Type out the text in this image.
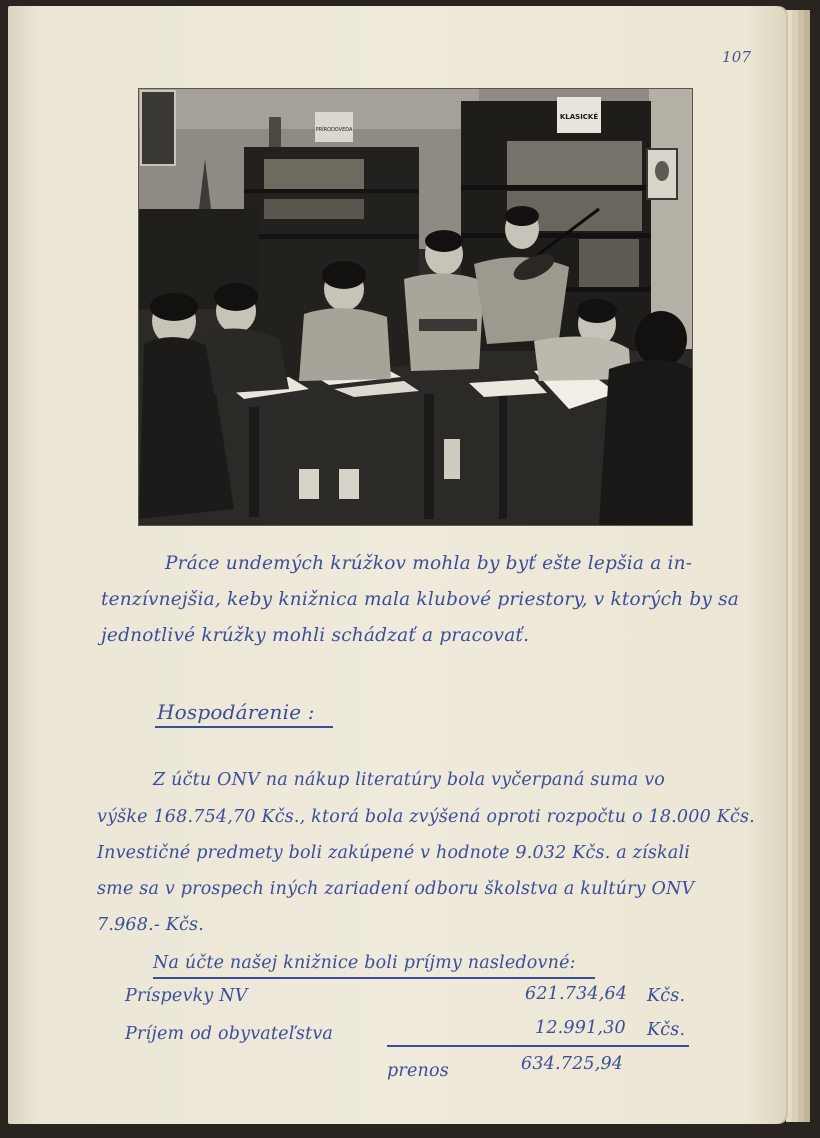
107

PRÍRODOVEDA
KLASICKÉ

Práce undemých krúžkov mohla by byť ešte lepšia a in-

tenzívnejšia, keby knižnica mala klubové priestory, v ktorých by sa

jednotlivé krúžky mohli schádzať a pracovať.

Hospodárenie :

Z účtu ONV na nákup literatúry bola vyčerpaná suma vo

výške 168.754,70 Kčs., ktorá bola zvýšená oproti rozpočtu o 18.000 Kčs.

Investičné predmety boli zakúpené v hodnote 9.032 Kčs. a získali

sme sa v prospech iných zariadení odboru školstva a kultúry ONV

7.968.- Kčs.

Na účte našej knižnice boli príjmy nasledovné:

Príspevky NV	621.734,64 Kčs.

Príjem od obyvateľstva	12.991,30 Kčs.

prenos	634.725,94
